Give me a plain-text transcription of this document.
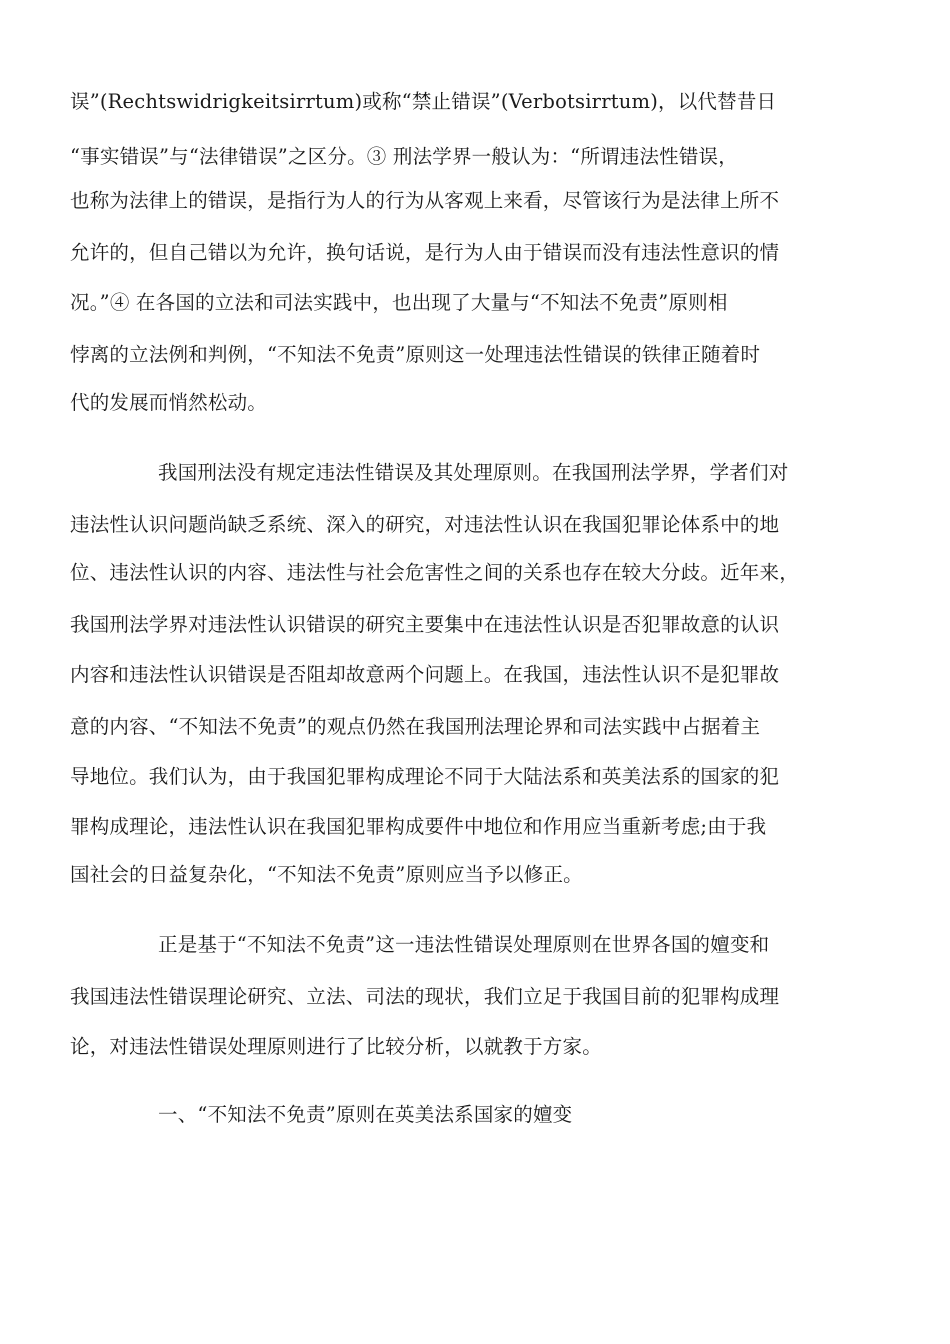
误”(Rechtswidrigkeitsirrtum)或称“禁止错误”(Verbotsirrtum)，以代替昔日
“事实错误”与“法律错误”之区分。③ 刑法学界一般认为：“所谓违法性错误，
也称为法律上的错误，是指行为人的行为从客观上来看，尽管该行为是法律上所不
允许的，但自己错以为允许，换句话说，是行为人由于错误而没有违法性意识的情
况。”④ 在各国的立法和司法实践中，也出现了大量与“不知法不免责”原则相
悖离的立法例和判例，“不知法不免责”原则这一处理违法性错误的铁律正随着时
代的发展而悄然松动。
我国刑法没有规定违法性错误及其处理原则。在我国刑法学界，学者们对
违法性认识问题尚缺乏系统、深入的研究，对违法性认识在我国犯罪论体系中的地
位、违法性认识的内容、违法性与社会危害性之间的关系也存在较大分歧。近年来，
我国刑法学界对违法性认识错误的研究主要集中在违法性认识是否犯罪故意的认识
内容和违法性认识错误是否阻却故意两个问题上。在我国，违法性认识不是犯罪故
意的内容、“不知法不免责”的观点仍然在我国刑法理论界和司法实践中占据着主
导地位。我们认为，由于我国犯罪构成理论不同于大陆法系和英美法系的国家的犯
罪构成理论，违法性认识在我国犯罪构成要件中地位和作用应当重新考虑;由于我
国社会的日益复杂化，“不知法不免责”原则应当予以修正。
正是基于“不知法不免责”这一违法性错误处理原则在世界各国的嬗变和
我国违法性错误理论研究、立法、司法的现状，我们立足于我国目前的犯罪构成理
论，对违法性错误处理原则进行了比较分析，以就教于方家。
一、“不知法不免责”原则在英美法系国家的嬗变
